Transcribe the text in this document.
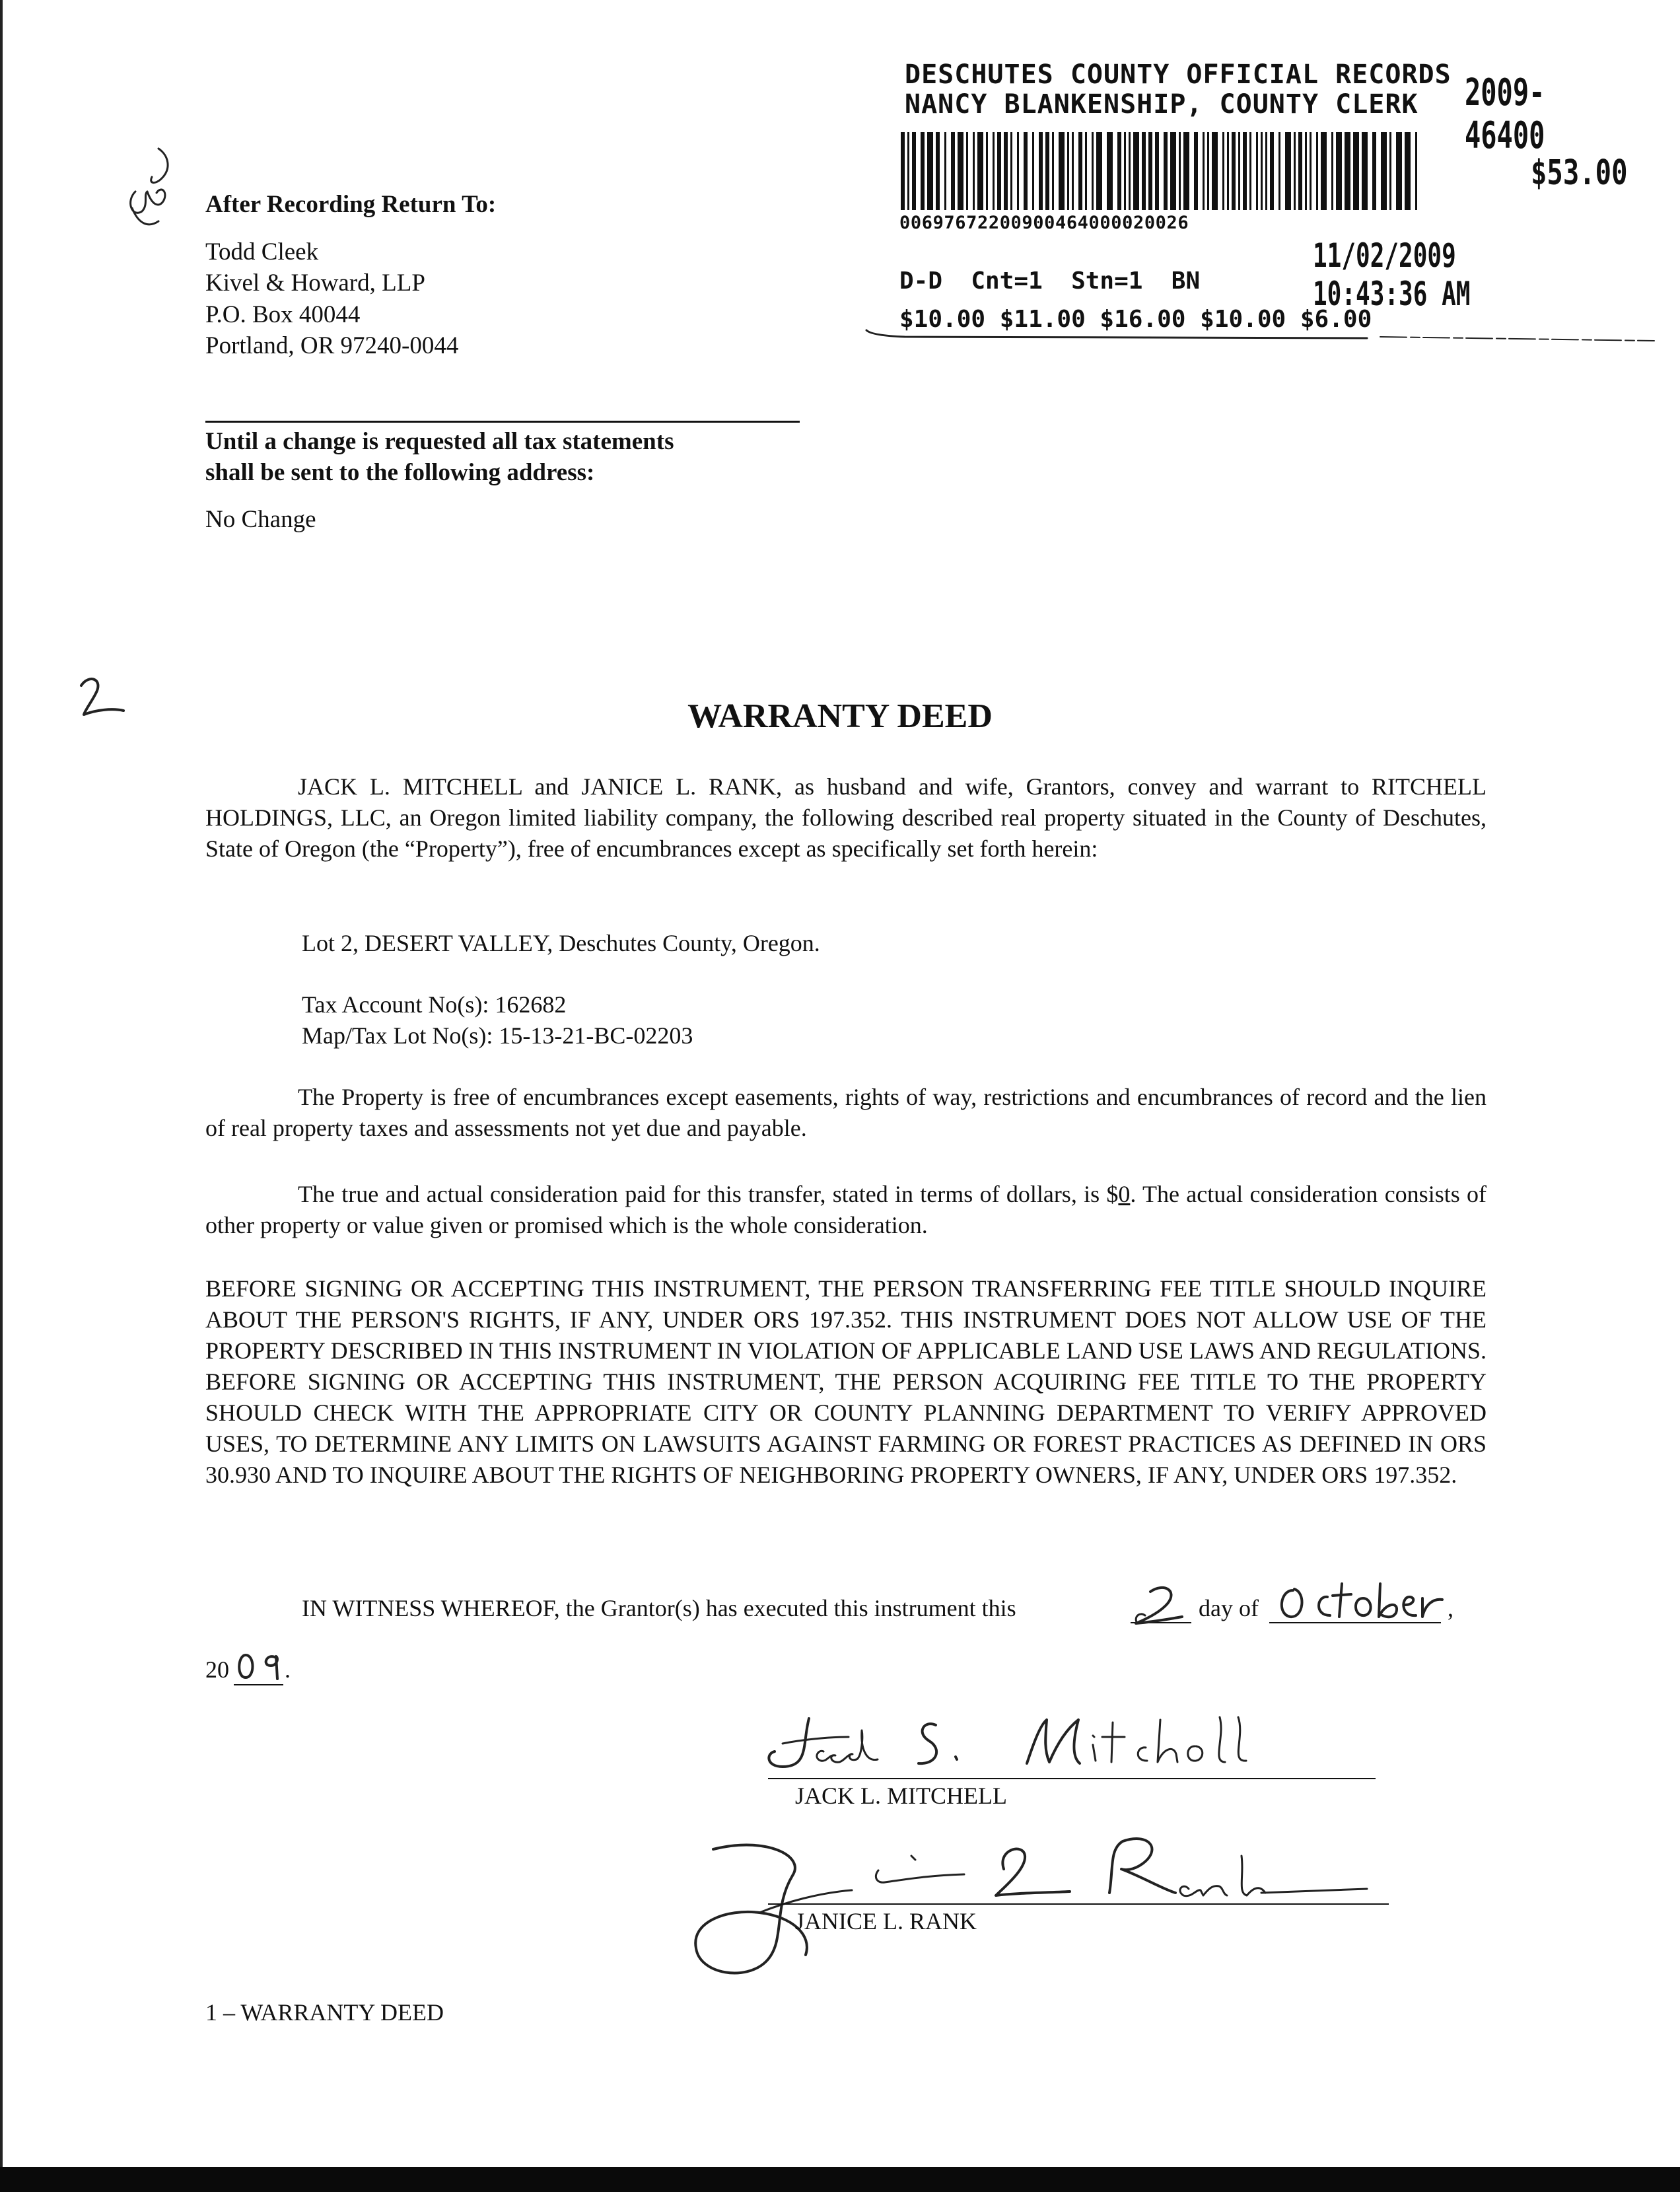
DESCHUTES COUNTY OFFICIAL RECORDS
NANCY BLANKENSHIP, COUNTY CLERK 2009-46400
$53.00
00697672200900464000020026
11/02/2009 10:43:36 AM
D-D  Cnt=1  Stn=1  BN
$10.00 $11.00 $16.00 $10.00 $6.00
After Recording Return To:
Todd Cleek
Kivel & Howard, LLP
P.O. Box 40044
Portland, OR 97240-0044
Until a change is requested all tax statements
shall be sent to the following address:
No Change
WARRANTY DEED
JACK L. MITCHELL and JANICE L. RANK, as husband and wife, Grantors, convey and warrant to RITCHELL HOLDINGS, LLC, an Oregon limited liability company, the following described real property situated in the County of Deschutes, State of Oregon (the “Property”), free of encumbrances except as specifically set forth herein:
Lot 2, DESERT VALLEY, Deschutes County, Oregon.
Tax Account No(s): 162682
Map/Tax Lot No(s): 15-13-21-BC-02203
The Property is free of encumbrances except easements, rights of way, restrictions and encumbrances of record and the lien of real property taxes and assessments not yet due and payable.
The true and actual consideration paid for this transfer, stated in terms of dollars, is $0. The actual consideration consists of other property or value given or promised which is the whole consideration.
BEFORE SIGNING OR ACCEPTING THIS INSTRUMENT, THE PERSON TRANSFERRING FEE TITLE SHOULD INQUIRE ABOUT THE PERSON'S RIGHTS, IF ANY, UNDER ORS 197.352. THIS INSTRUMENT DOES NOT ALLOW USE OF THE PROPERTY DESCRIBED IN THIS INSTRUMENT IN VIOLATION OF APPLICABLE LAND USE LAWS AND REGULATIONS. BEFORE SIGNING OR ACCEPTING THIS INSTRUMENT, THE PERSON ACQUIRING FEE TITLE TO THE PROPERTY SHOULD CHECK WITH THE APPROPRIATE CITY OR COUNTY PLANNING DEPARTMENT TO VERIFY APPROVED USES, TO DETERMINE ANY LIMITS ON LAWSUITS AGAINST FARMING OR FOREST PRACTICES AS DEFINED IN ORS 30.930 AND TO INQUIRE ABOUT THE RIGHTS OF NEIGHBORING PROPERTY OWNERS, IF ANY, UNDER ORS 197.352.
IN WITNESS WHEREOF, the Grantor(s) has executed this instrument this	day of	,
20 .
JACK L. MITCHELL
JANICE L. RANK
1 – WARRANTY DEED
